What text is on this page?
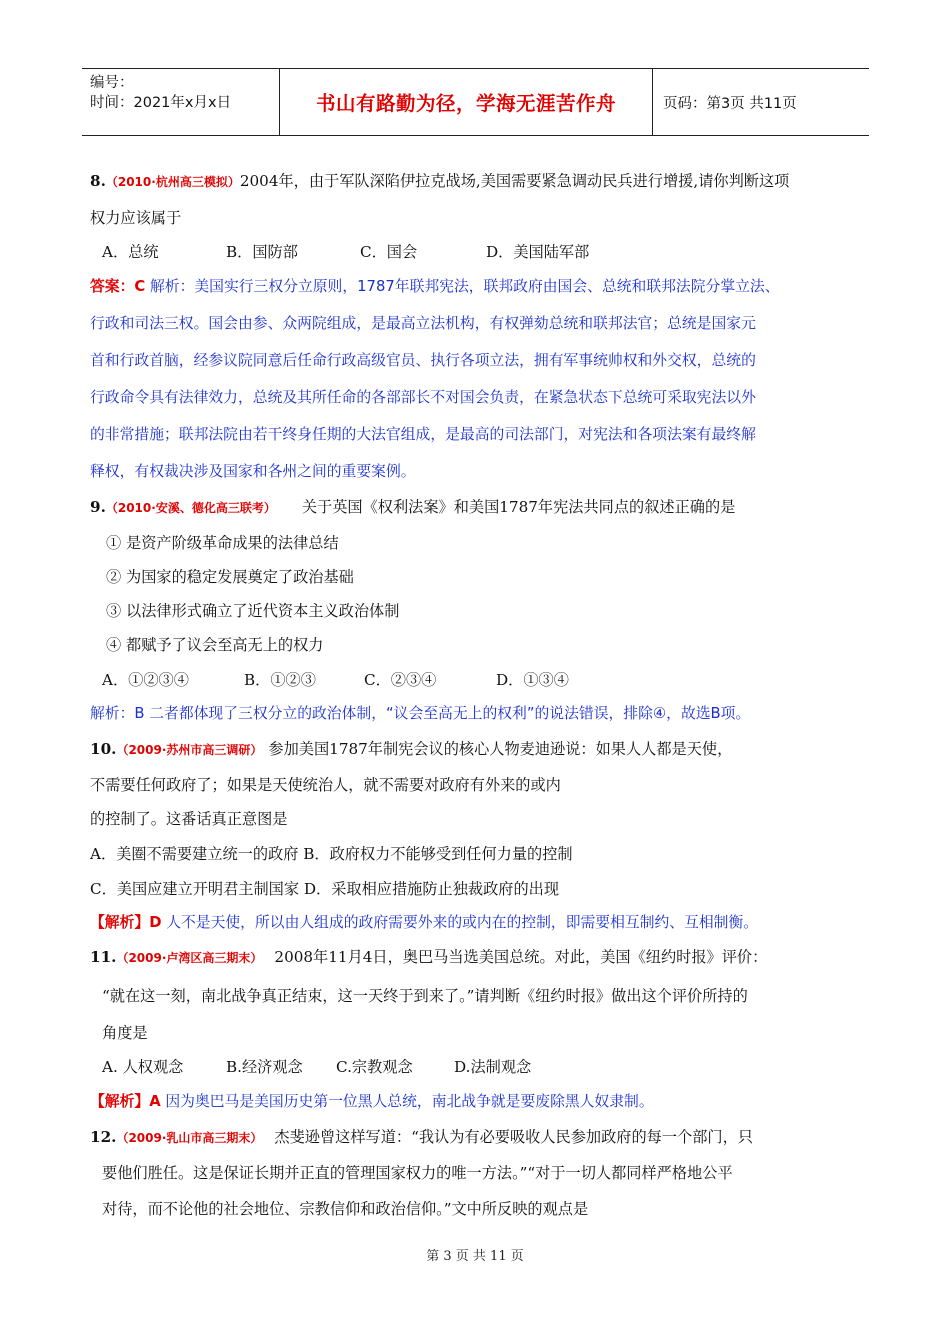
编号：
时间：2021年x月x日	书山有路勤为径，学海无涯苦作舟	页码：第3页 共11页
8.（2010·杭州高三模拟）2004年，由于军队深陷伊拉克战场,美国需要紧急调动民兵进行增援,请你判断这项
权力应该属于
A．总统	B．国防部	C．国会	D．美国陆军部
答案：C 解析：美国实行三权分立原则，1787年联邦宪法，联邦政府由国会、总统和联邦法院分掌立法、
行政和司法三权。国会由参、众两院组成，是最高立法机构，有权弹劾总统和联邦法官；总统是国家元
首和行政首脑，经参议院同意后任命行政高级官员、执行各项立法，拥有军事统帅权和外交权，总统的
行政命令具有法律效力，总统及其所任命的各部部长不对国会负责，在紧急状态下总统可采取宪法以外
的非常措施；联邦法院由若干终身任期的大法官组成，是最高的司法部门，对宪法和各项法案有最终解
释权，有权裁决涉及国家和各州之间的重要案例。
9.（2010·安溪、德化高三联考） 关于英国《权利法案》和美国1787年宪法共同点的叙述正确的是
① 是资产阶级革命成果的法律总结
② 为国家的稳定发展奠定了政治基础
③ 以法律形式确立了近代资本主义政治体制
④ 都赋予了议会至高无上的权力
A．①②③④	B．①②③	C．②③④	D．①③④
解析：B 二者都体现了三权分立的政治体制，“议会至高无上的权利”的说法错误，排除④，故选B项。
10.（2009·苏州市高三调研） 参加美国1787年制宪会议的核心人物麦迪逊说：如果人人都是天使，
不需要任何政府了；如果是天使统治人，就不需要对政府有外来的或内
的控制了。这番话真正意图是
A．美圈不需要建立统一的政府 B．政府权力不能够受到任何力量的控制
C．美国应建立开明君主制国家 D．采取相应措施防止独裁政府的出现
【解析】D 人不是天使，所以由人组成的政府需要外来的或内在的控制，即需要相互制约、互相制衡。
11.（2009·卢湾区高三期末） 2008年11月4日，奥巴马当选美国总统。对此，美国《纽约时报》评价：
“就在这一刻，南北战争真正结束，这一天终于到来了。”请判断《纽约时报》做出这个评价所持的
角度是
A. 人权观念	B.经济观念 C.宗教观念	D.法制观念
【解析】A 因为奥巴马是美国历史第一位黑人总统，南北战争就是要废除黑人奴隶制。
12.（2009·乳山市高三期末） 杰斐逊曾这样写道：“我认为有必要吸收人民参加政府的每一个部门，只
要他们胜任。这是保证长期并正直的管理国家权力的唯一方法。”“对于一切人都同样严格地公平
对待，而不论他的社会地位、宗教信仰和政治信仰。”文中所反映的观点是
第 3 页 共 11 页
